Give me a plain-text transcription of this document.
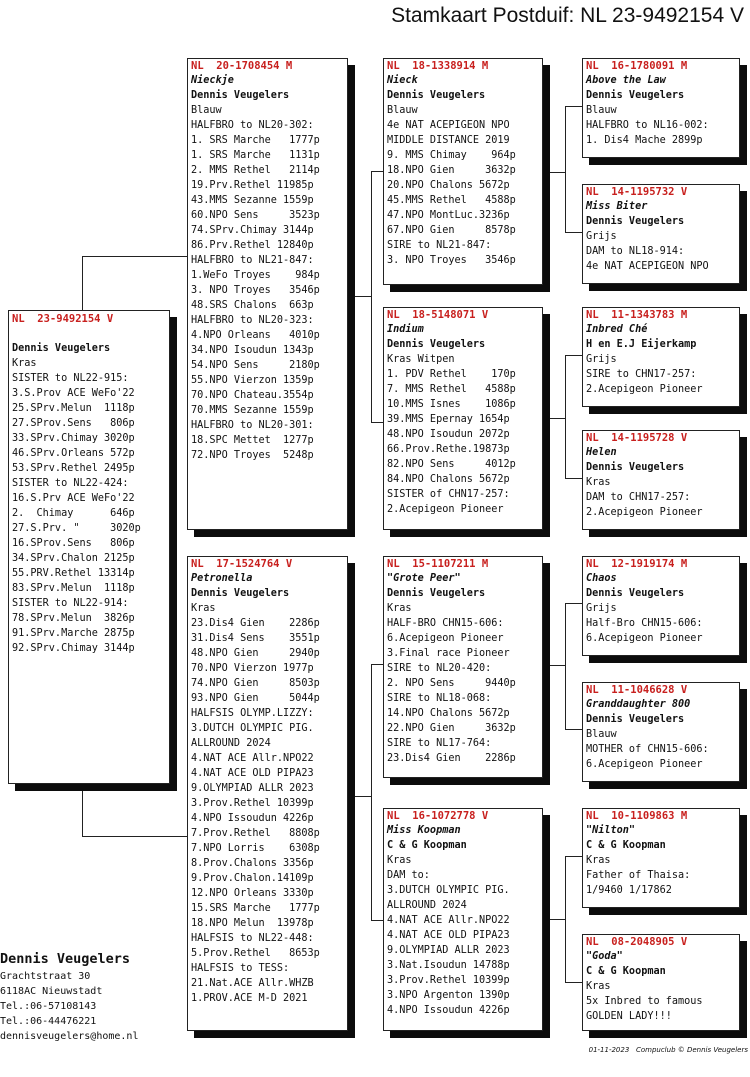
Stamkaart Postduif: NL 23-9492154 V
NL  23-9492154 V
Dennis Veugelers
Kras
SISTER to NL22-915:
3.S.Prov ACE WeFo'22
25.SPrv.Melun  1118p
27.SProv.Sens   806p
33.SPrv.Chimay 3020p
46.SPrv.Orleans 572p
53.SPrv.Rethel 2495p
SISTER to NL22-424:
16.S.Prv ACE WeFo'22
2.  Chimay      646p
27.S.Prv. "     3020p
16.SProv.Sens   806p
34.SPrv.Chalon 2125p
55.PRV.Rethel 13314p
83.SPrv.Melun  1118p
SISTER to NL22-914:
78.SPrv.Melun  3826p
91.SPrv.Marche 2875p
92.SPrv.Chimay 3144p
NL  20-1708454 M
Nieckje
Dennis Veugelers
Blauw
HALFBRO to NL20-302:
1. SRS Marche   1777p
1. SRS Marche   1131p
2. MMS Rethel   2114p
19.Prv.Rethel 11985p
43.MMS Sezanne 1559p
60.NPO Sens     3523p
74.SPrv.Chimay 3144p
86.Prv.Rethel 12840p
HALFBRO to NL21-847:
1.WeFo Troyes    984p
3. NPO Troyes   3546p
48.SRS Chalons  663p
HALFBRO to NL20-323:
4.NPO Orleans   4010p
34.NPO Isoudun 1343p
54.NPO Sens     2180p
55.NPO Vierzon 1359p
70.NPO Chateau.3554p
70.MMS Sezanne 1559p
HALFBRO to NL20-301:
18.SPC Mettet  1277p
72.NPO Troyes  5248p
NL  17-1524764 V
Petronella
Dennis Veugelers
Kras
23.Dis4 Gien    2286p
31.Dis4 Sens    3551p
48.NPO Gien     2940p
70.NPO Vierzon 1977p
74.NPO Gien     8503p
93.NPO Gien     5044p
HALFSIS OLYMP.LIZZY:
3.DUTCH OLYMPIC PIG.
ALLROUND 2024
4.NAT ACE Allr.NPO22
4.NAT ACE OLD PIPA23
9.OLYMPIAD ALLR 2023
3.Prov.Rethel 10399p
4.NPO Issoudun 4226p
7.Prov.Rethel   8808p
7.NPO Lorris    6308p
8.Prov.Chalons 3356p
9.Prov.Chalon.14109p
12.NPO Orleans 3330p
15.SRS Marche   1777p
18.NPO Melun  13978p
HALFSIS to NL22-448:
5.Prov.Rethel   8653p
HALFSIS to TESS:
21.Nat.ACE Allr.WHZB
1.PROV.ACE M-D 2021
NL  18-1338914 M
Nieck
Dennis Veugelers
Blauw
4e NAT ACEPIGEON NPO
MIDDLE DISTANCE 2019
9. MMS Chimay    964p
18.NPO Gien     3632p
20.NPO Chalons 5672p
45.MMS Rethel   4588p
47.NPO MontLuc.3236p
67.NPO Gien     8578p
SIRE to NL21-847:
3. NPO Troyes   3546p
NL  18-5148071 V
Indium
Dennis Veugelers
Kras Witpen
1. PDV Rethel    170p
7. MMS Rethel   4588p
10.MMS Isnes    1086p
39.MMS Epernay 1654p
48.NPO Isoudun 2072p
66.Prov.Rethe.19873p
82.NPO Sens     4012p
84.NPO Chalons 5672p
SISTER of CHN17-257:
2.Acepigeon Pioneer
NL  15-1107211 M
"Grote Peer"
Dennis Veugelers
Kras
HALF-BRO CHN15-606:
6.Acepigeon Pioneer
3.Final race Pioneer
SIRE to NL20-420:
2. NPO Sens     9440p
SIRE to NL18-068:
14.NPO Chalons 5672p
22.NPO Gien     3632p
SIRE to NL17-764:
23.Dis4 Gien    2286p
NL  16-1072778 V
Miss Koopman
C & G Koopman
Kras
DAM to:
3.DUTCH OLYMPIC PIG.
ALLROUND 2024
4.NAT ACE Allr.NPO22
4.NAT ACE OLD PIPA23
9.OLYMPIAD ALLR 2023
3.Nat.Isoudun 14788p
3.Prov.Rethel 10399p
3.NPO Argenton 1390p
4.NPO Issoudun 4226p
NL  16-1780091 M
Above the Law
Dennis Veugelers
Blauw
HALFBRO to NL16-002:
1. Dis4 Mache 2899p
NL  14-1195732 V
Miss Biter
Dennis Veugelers
Grijs
DAM to NL18-914:
4e NAT ACEPIGEON NPO
NL  11-1343783 M
Inbred Ché
H en E.J Eijerkamp
Grijs
SIRE to CHN17-257:
2.Acepigeon Pioneer
NL  14-1195728 V
Helen
Dennis Veugelers
Kras
DAM to CHN17-257:
2.Acepigeon Pioneer
NL  12-1919174 M
Chaos
Dennis Veugelers
Grijs
Half-Bro CHN15-606:
6.Acepigeon Pioneer
NL  11-1046628 V
Granddaughter 800
Dennis Veugelers
Blauw
MOTHER of CHN15-606:
6.Acepigeon Pioneer
NL  10-1109863 M
"Nilton"
C & G Koopman
Kras
Father of Thaisa:
1/9460 1/17862
NL  08-2048905 V
"Goda"
C & G Koopman
Kras
5x Inbred to famous
GOLDEN LADY!!!
Dennis Veugelers
Grachtstraat 30
6118AC Nieuwstadt
Tel.:06-57108143
Tel.:06-44476221
dennisveugelers@home.nl
01-11-2023   Compuclub © Dennis Veugelers
